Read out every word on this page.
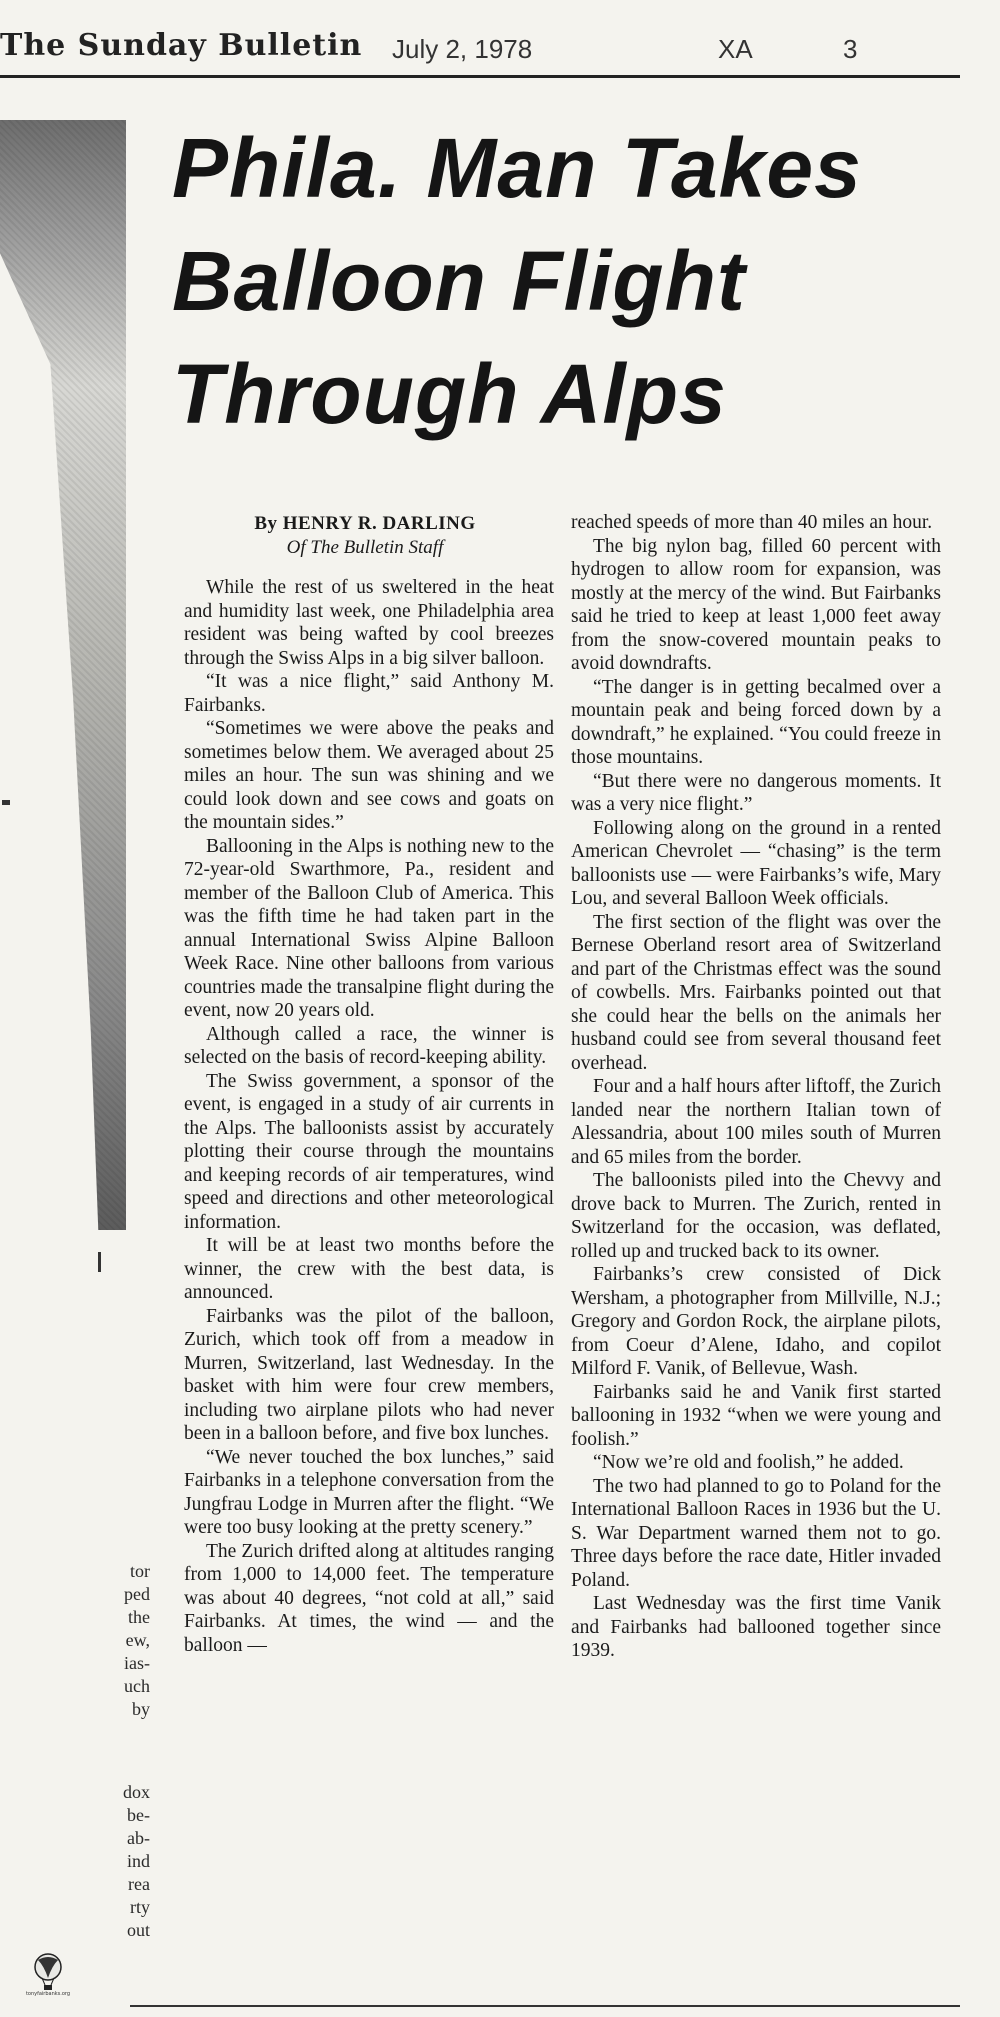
The Sunday Bulletin July 2, 1978	XA	3
tor
ped
the
ew,
ias-
uch
by
dox
be-
ab-
ind
rea
rty
out
Phila. Man Takes
Balloon Flight
Through Alps
By HENRY R. DARLING
Of The Bulletin Staff

While the rest of us sweltered in the heat and humidity last week, one Philadelphia area resident was being wafted by cool breezes through the Swiss Alps in a big silver balloon.

“It was a nice flight,” said Anthony M. Fairbanks.

“Sometimes we were above the peaks and sometimes below them. We averaged about 25 miles an hour. The sun was shining and we could look down and see cows and goats on the mountain sides.”

Ballooning in the Alps is nothing new to the 72-year-old Swarthmore, Pa., resident and member of the Balloon Club of America. This was the fifth time he had taken part in the annual International Swiss Alpine Balloon Week Race. Nine other balloons from various countries made the transalpine flight during the event, now 20 years old.

Although called a race, the winner is selected on the basis of record-keeping ability.

The Swiss government, a sponsor of the event, is engaged in a study of air currents in the Alps. The balloonists assist by accurately plotting their course through the mountains and keeping records of air temperatures, wind speed and directions and other meteorological information.

It will be at least two months before the winner, the crew with the best data, is announced.

Fairbanks was the pilot of the balloon, Zurich, which took off from a meadow in Murren, Switzerland, last Wednesday. In the basket with him were four crew members, including two airplane pilots who had never been in a balloon before, and five box lunches.

“We never touched the box lunches,” said Fairbanks in a telephone conversation from the Jungfrau Lodge in Murren after the flight. “We were too busy looking at the pretty scenery.”

The Zurich drifted along at altitudes ranging from 1,000 to 14,000 feet. The temperature was about 40 degrees, “not cold at all,” said Fairbanks. At times, the wind — and the balloon —

reached speeds of more than 40 miles an hour.

The big nylon bag, filled 60 percent with hydrogen to allow room for expansion, was mostly at the mercy of the wind. But Fairbanks said he tried to keep at least 1,000 feet away from the snow-covered mountain peaks to avoid downdrafts.

“The danger is in getting becalmed over a mountain peak and being forced down by a downdraft,” he explained. “You could freeze in those mountains.

“But there were no dangerous moments. It was a very nice flight.”

Following along on the ground in a rented American Chevrolet — “chasing” is the term balloonists use — were Fairbanks’s wife, Mary Lou, and several Balloon Week officials.

The first section of the flight was over the Bernese Oberland resort area of Switzerland and part of the Christmas effect was the sound of cowbells. Mrs. Fairbanks pointed out that she could hear the bells on the animals her husband could see from several thousand feet overhead.

Four and a half hours after liftoff, the Zurich landed near the northern Italian town of Alessandria, about 100 miles south of Murren and 65 miles from the border.

The balloonists piled into the Chevvy and drove back to Murren. The Zurich, rented in Switzerland for the occasion, was deflated, rolled up and trucked back to its owner.

Fairbanks’s crew consisted of Dick Wersham, a photographer from Millville, N.J.; Gregory and Gordon Rock, the airplane pilots, from Coeur d’Alene, Idaho, and copilot Milford F. Vanik, of Bellevue, Wash.

Fairbanks said he and Vanik first started ballooning in 1932 “when we were young and foolish.”

“Now we’re old and foolish,” he added.

The two had planned to go to Poland for the International Balloon Races in 1936 but the U. S. War Department warned them not to go. Three days before the race date, Hitler invaded Poland.

Last Wednesday was the first time Vanik and Fairbanks had ballooned together since 1939.

tonyfairbanks.org
